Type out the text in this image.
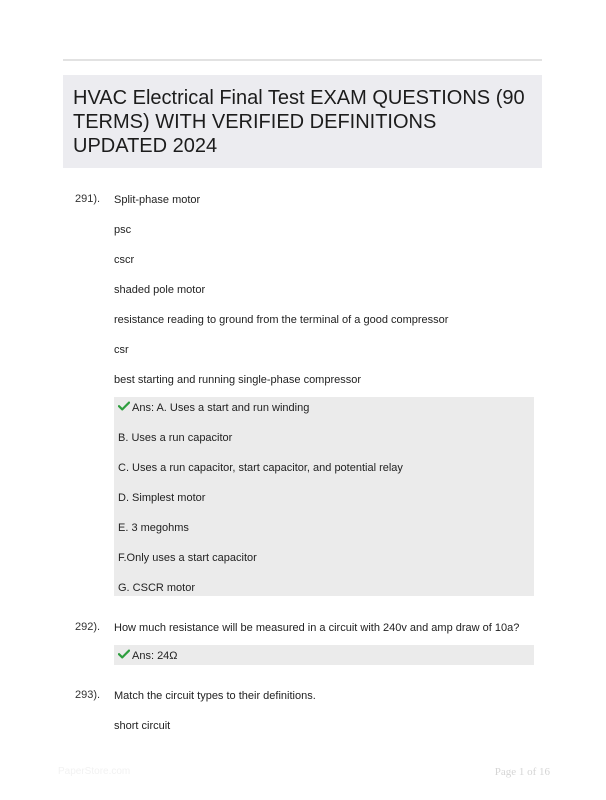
HVAC Electrical Final Test EXAM QUESTIONS (90 TERMS) WITH VERIFIED DEFINITIONS UPDATED 2024
291). Split-phase motor
psc
cscr
shaded pole motor
resistance reading to ground from the terminal of a good compressor
csr
best starting and running single-phase compressor
Ans: A. Uses a start and run winding
B. Uses a run capacitor
C. Uses a run capacitor, start capacitor, and potential relay
D. Simplest motor
E. 3 megohms
F.Only uses a start capacitor
G. CSCR motor
292). How much resistance will be measured in a circuit with 240v and amp draw of 10a?
Ans: 24Ω
293). Match the circuit types to their definitions.
short circuit
PaperStore.com	Page 1 of 16
